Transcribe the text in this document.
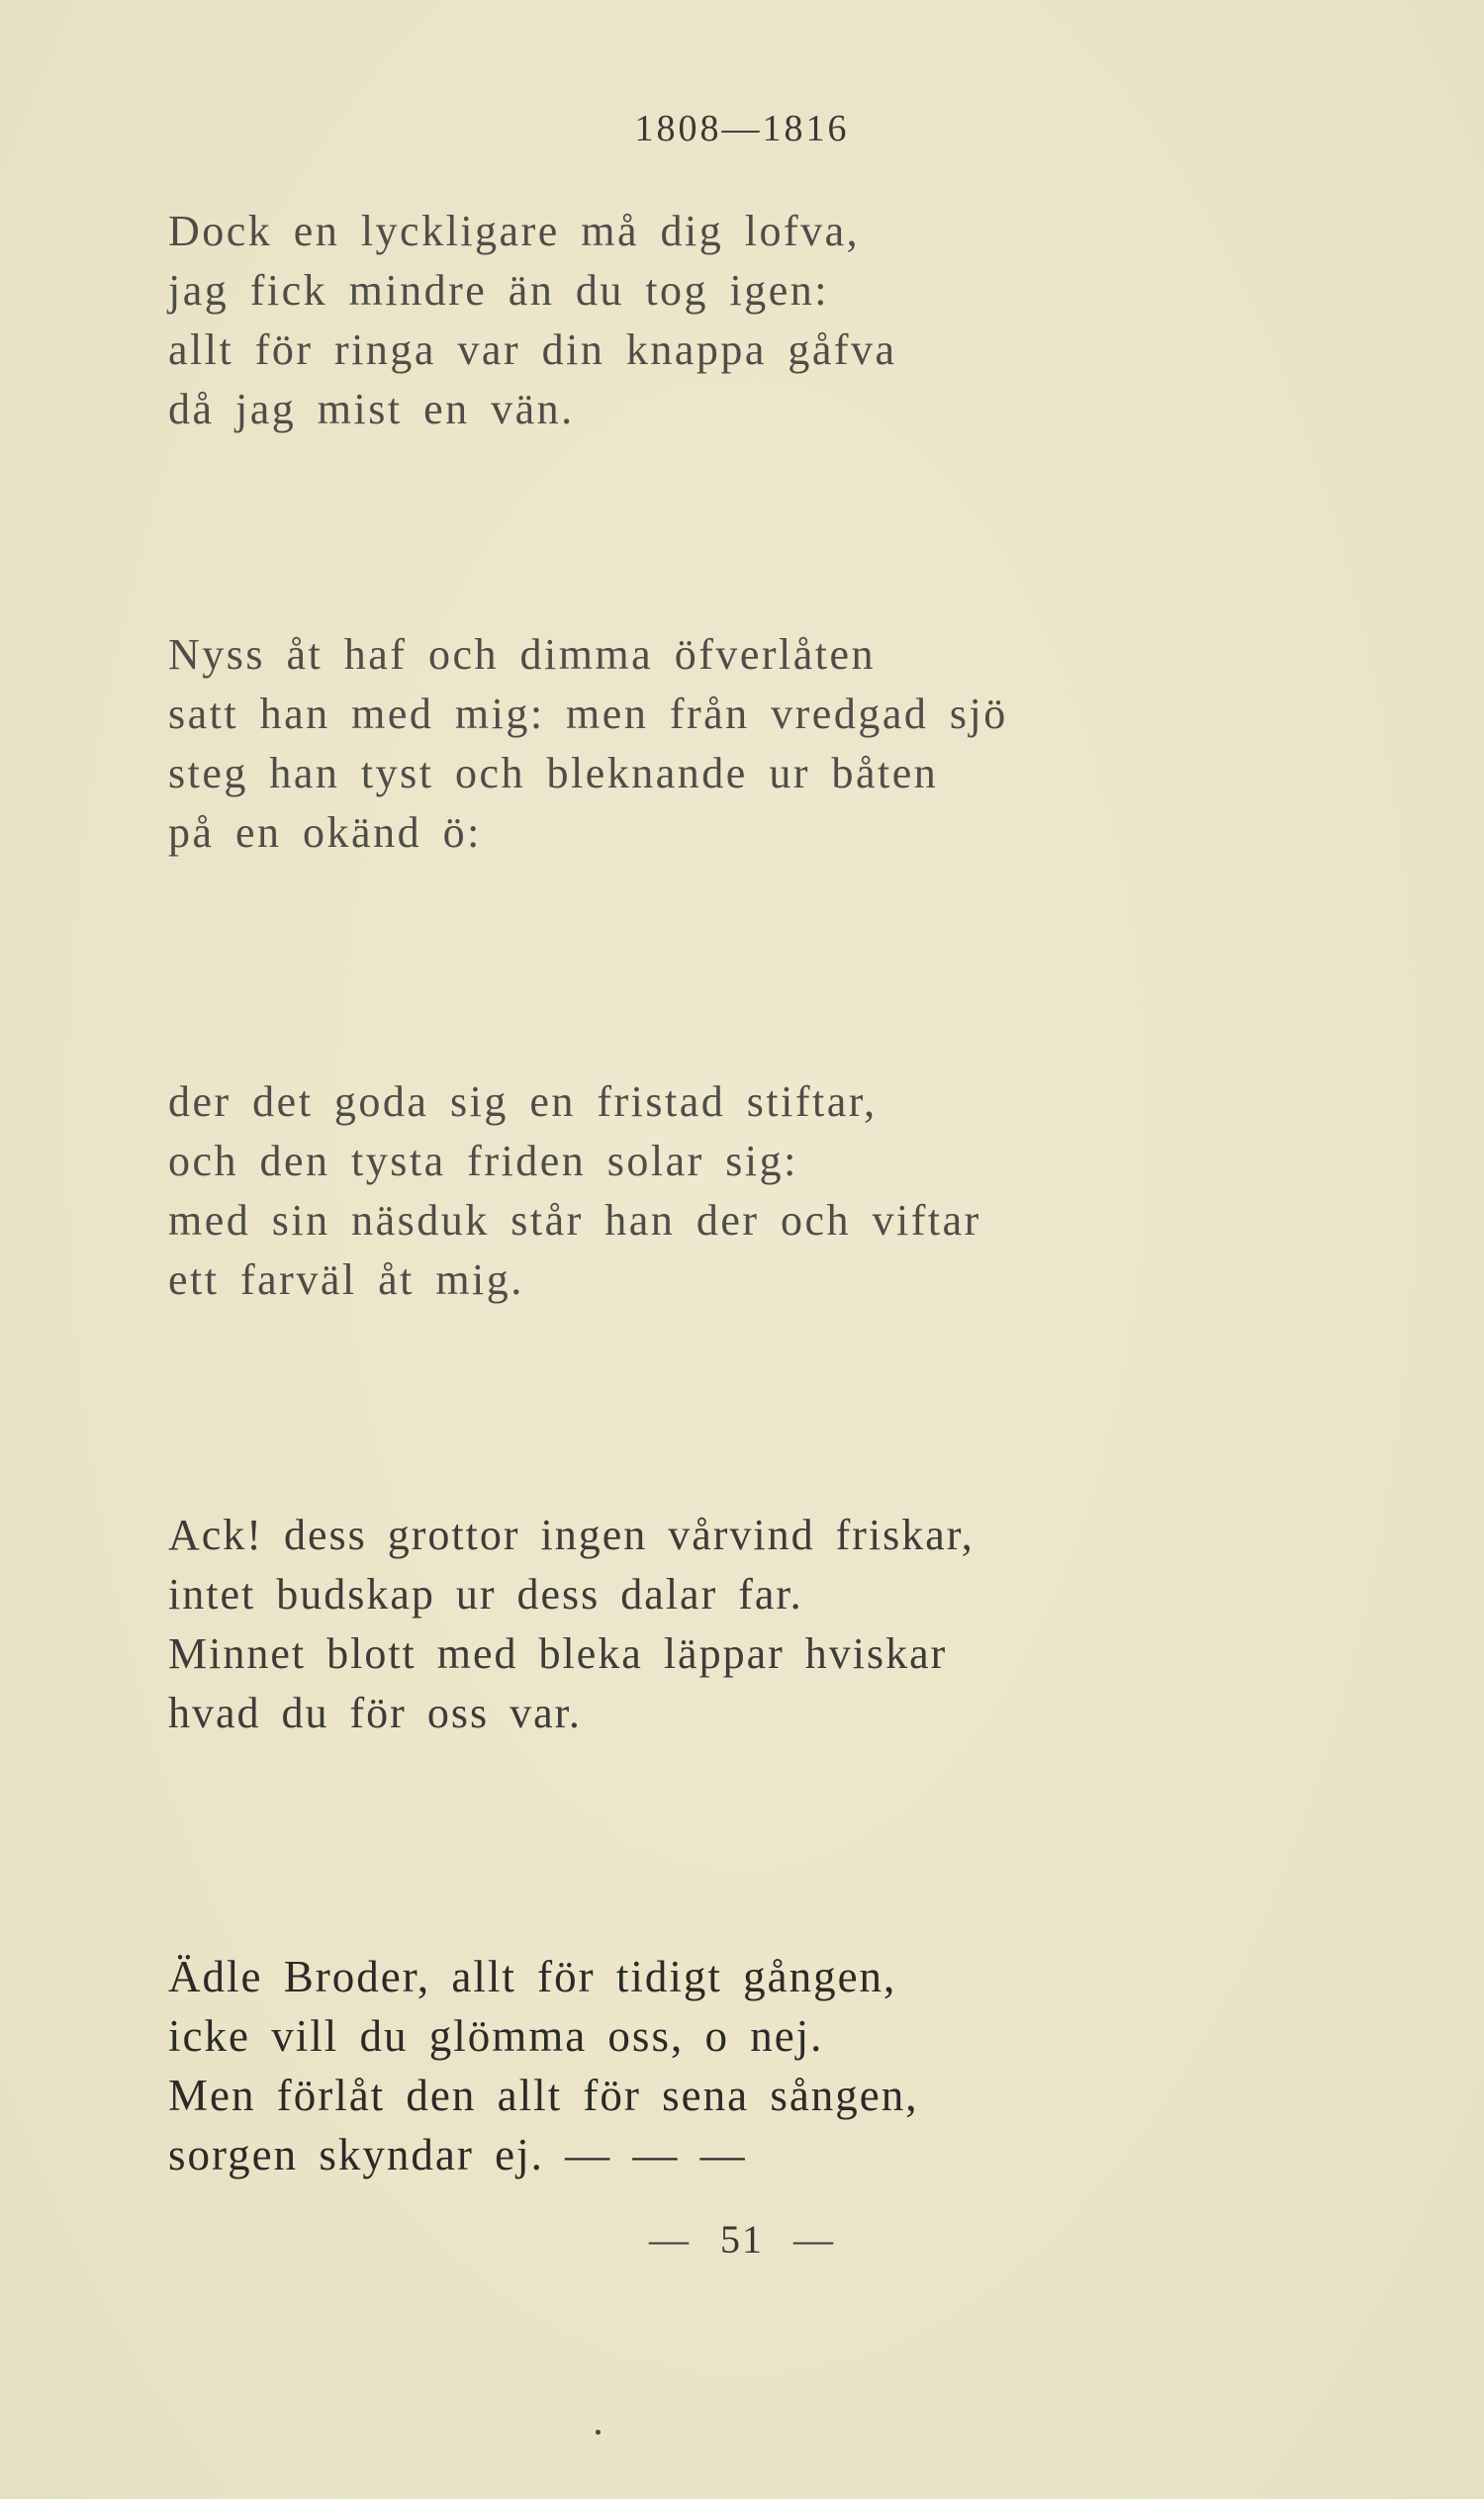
1808—1816
Dock en lyckligare må dig lofva,
jag fick mindre än du tog igen:
allt för ringa var din knappa gåfva
då jag mist en vän.
Nyss åt haf och dimma öfverlåten
satt han med mig: men från vredgad sjö
steg han tyst och bleknande ur båten
på en okänd ö:
der det goda sig en fristad stiftar,
och den tysta friden solar sig:
med sin näsduk står han der och viftar
ett farväl åt mig.
Ack! dess grottor ingen vårvind friskar,
intet budskap ur dess dalar far.
Minnet blott med bleka läppar hviskar
hvad du för oss var.
Ädle Broder, allt för tidigt gången,
icke vill du glömma oss, o nej.
Men förlåt den allt för sena sången,
sorgen skyndar ej. — — —
— 51 —
